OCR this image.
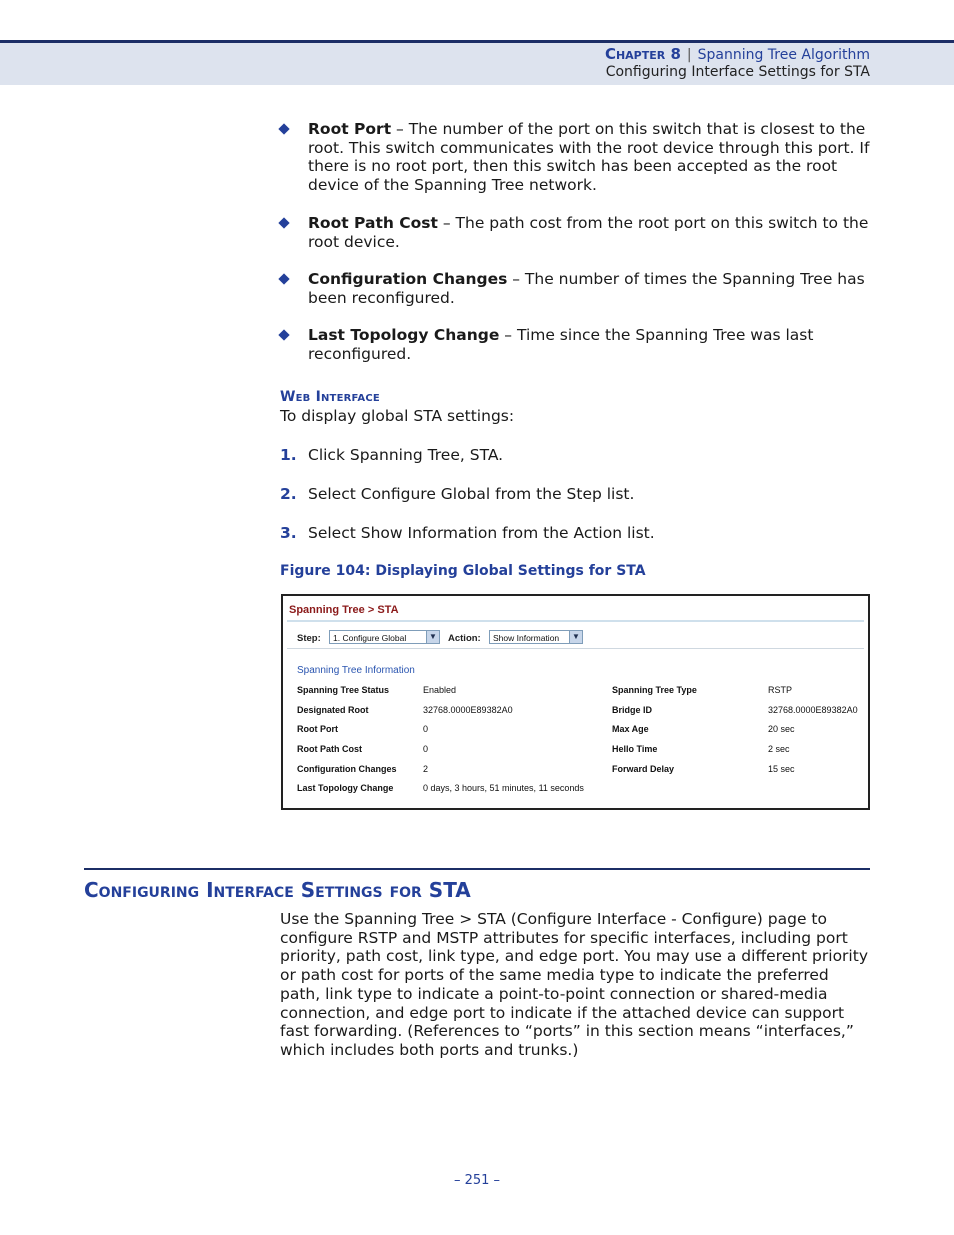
Chapter 8 | Spanning Tree Algorithm
Configuring Interface Settings for STA
Root Port – The number of the port on this switch that is closest to the root. This switch communicates with the root device through this port. If there is no root port, then this switch has been accepted as the root device of the Spanning Tree network.
Root Path Cost – The path cost from the root port on this switch to the root device.
Configuration Changes – The number of times the Spanning Tree has been reconfigured.
Last Topology Change – Time since the Spanning Tree was last reconfigured.
Web Interface
To display global STA settings:
1. Click Spanning Tree, STA.
2. Select Configure Global from the Step list.
3. Select Show Information from the Action list.
Figure 104: Displaying Global Settings for STA
Spanning Tree > STA
Step:	1. Configure Global	▼ Action:	Show Information	▼
Spanning Tree Information
Spanning Tree Status	Enabled
Designated Root	32768.0000E89382A0
Root Port	0
Root Path Cost	0
Configuration Changes	2
Last Topology Change	0 days, 3 hours, 51 minutes, 11 seconds
Spanning Tree Type	RSTP
Bridge ID	32768.0000E89382A0
Max Age	20 sec
Hello Time	2 sec
Forward Delay	15 sec
Configuring Interface Settings for STA
Use the Spanning Tree > STA (Configure Interface - Configure) page to configure RSTP and MSTP attributes for specific interfaces, including port priority, path cost, link type, and edge port. You may use a different priority or path cost for ports of the same media type to indicate the preferred path, link type to indicate a point-to-point connection or shared-media connection, and edge port to indicate if the attached device can support fast forwarding. (References to “ports” in this section means “interfaces,” which includes both ports and trunks.)
– 251 –
